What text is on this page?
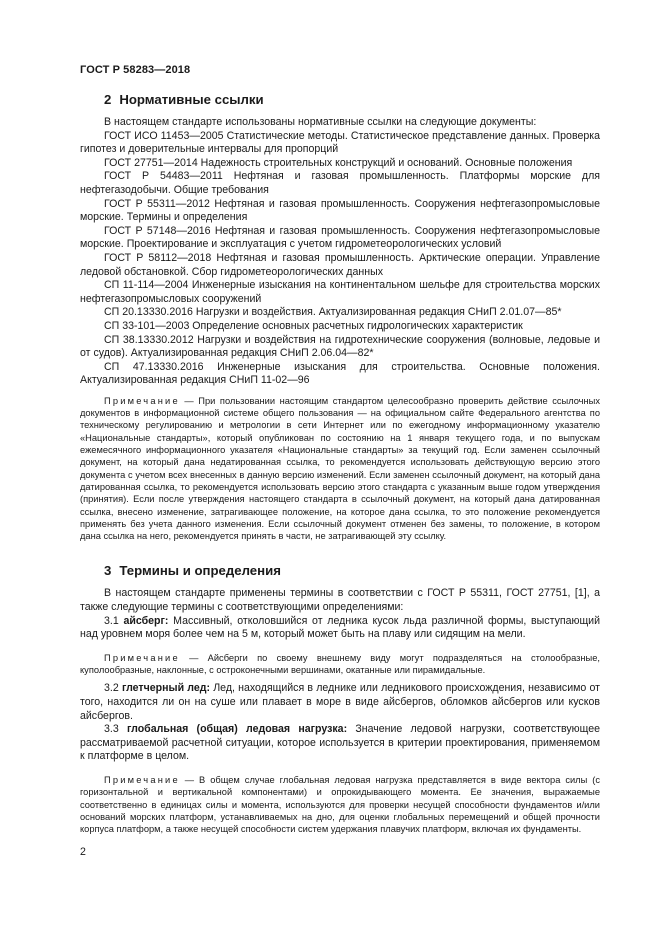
ГОСТ Р 58283—2018
2 Нормативные ссылки

В настоящем стандарте использованы нормативные ссылки на следующие документы:

ГОСТ ИСО 11453—2005 Статистические методы. Статистическое представление данных. Проверка гипотез и доверительные интервалы для пропорций

ГОСТ 27751—2014 Надежность строительных конструкций и оснований. Основные положения

ГОСТ Р 54483—2011 Нефтяная и газовая промышленность. Платформы морские для нефтегазодобычи. Общие требования

ГОСТ Р 55311—2012 Нефтяная и газовая промышленность. Сооружения нефтегазопромысловые морские. Термины и определения

ГОСТ Р 57148—2016 Нефтяная и газовая промышленность. Сооружения нефтегазопромысловые морские. Проектирование и эксплуатация с учетом гидрометеорологических условий

ГОСТ Р 58112—2018 Нефтяная и газовая промышленность. Арктические операции. Управление ледовой обстановкой. Сбор гидрометеорологических данных

СП 11-114—2004 Инженерные изыскания на континентальном шельфе для строительства морских нефтегазопромысловых сооружений

СП 20.13330.2016 Нагрузки и воздействия. Актуализированная редакция СНиП 2.01.07—85*

СП 33-101—2003 Определение основных расчетных гидрологических характеристик

СП 38.13330.2012 Нагрузки и воздействия на гидротехнические сооружения (волновые, ледовые и от судов). Актуализированная редакция СНиП 2.06.04—82*

СП 47.13330.2016 Инженерные изыскания для строительства. Основные положения. Актуализированная редакция СНиП 11-02—96

Примечание — При пользовании настоящим стандартом целесообразно проверить действие ссылочных документов в информационной системе общего пользования — на официальном сайте Федерального агентства по техническому регулированию и метрологии в сети Интернет или по ежегодному информационному указателю «Национальные стандарты», который опубликован по состоянию на 1 января текущего года, и по выпускам ежемесячного информационного указателя «Национальные стандарты» за текущий год. Если заменен ссылочный документ, на который дана недатированная ссылка, то рекомендуется использовать действующую версию этого документа с учетом всех внесенных в данную версию изменений. Если заменен ссылочный документ, на который дана датированная ссылка, то рекомендуется использовать версию этого стандарта с указанным выше годом утверждения (принятия). Если после утверждения настоящего стандарта в ссылочный документ, на который дана датированная ссылка, внесено изменение, затрагивающее положение, на которое дана ссылка, то это положение рекомендуется применять без учета данного изменения. Если ссылочный документ отменен без замены, то положение, в котором дана ссылка на него, рекомендуется принять в части, не затрагивающей эту ссылку.

3 Термины и определения

В настоящем стандарте применены термины в соответствии с ГОСТ Р 55311, ГОСТ 27751, [1], а также следующие термины с соответствующими определениями:

3.1 айсберг: Массивный, отколовшийся от ледника кусок льда различной формы, выступающий над уровнем моря более чем на 5 м, который может быть на плаву или сидящим на мели.

Примечание — Айсберги по своему внешнему виду могут подразделяться на столообразные, куполообразные, наклонные, с остроконечными вершинами, окатанные или пирамидальные.

3.2 глетчерный лед: Лед, находящийся в леднике или ледникового происхождения, независимо от того, находится ли он на суше или плавает в море в виде айсбергов, обломков айсбергов или кусков айсбергов.

3.3 глобальная (общая) ледовая нагрузка: Значение ледовой нагрузки, соответствующее рассматриваемой расчетной ситуации, которое используется в критерии проектирования, применяемом к платформе в целом.

Примечание — В общем случае глобальная ледовая нагрузка представляется в виде вектора силы (с горизонтальной и вертикальной компонентами) и опрокидывающего момента. Ее значения, выражаемые соответственно в единицах силы и момента, используются для проверки несущей способности фундаментов и/или оснований морских платформ, устанавливаемых на дно, для оценки глобальных перемещений и общей прочности корпуса платформ, а также несущей способности систем удержания плавучих платформ, включая их фундаменты.

2
